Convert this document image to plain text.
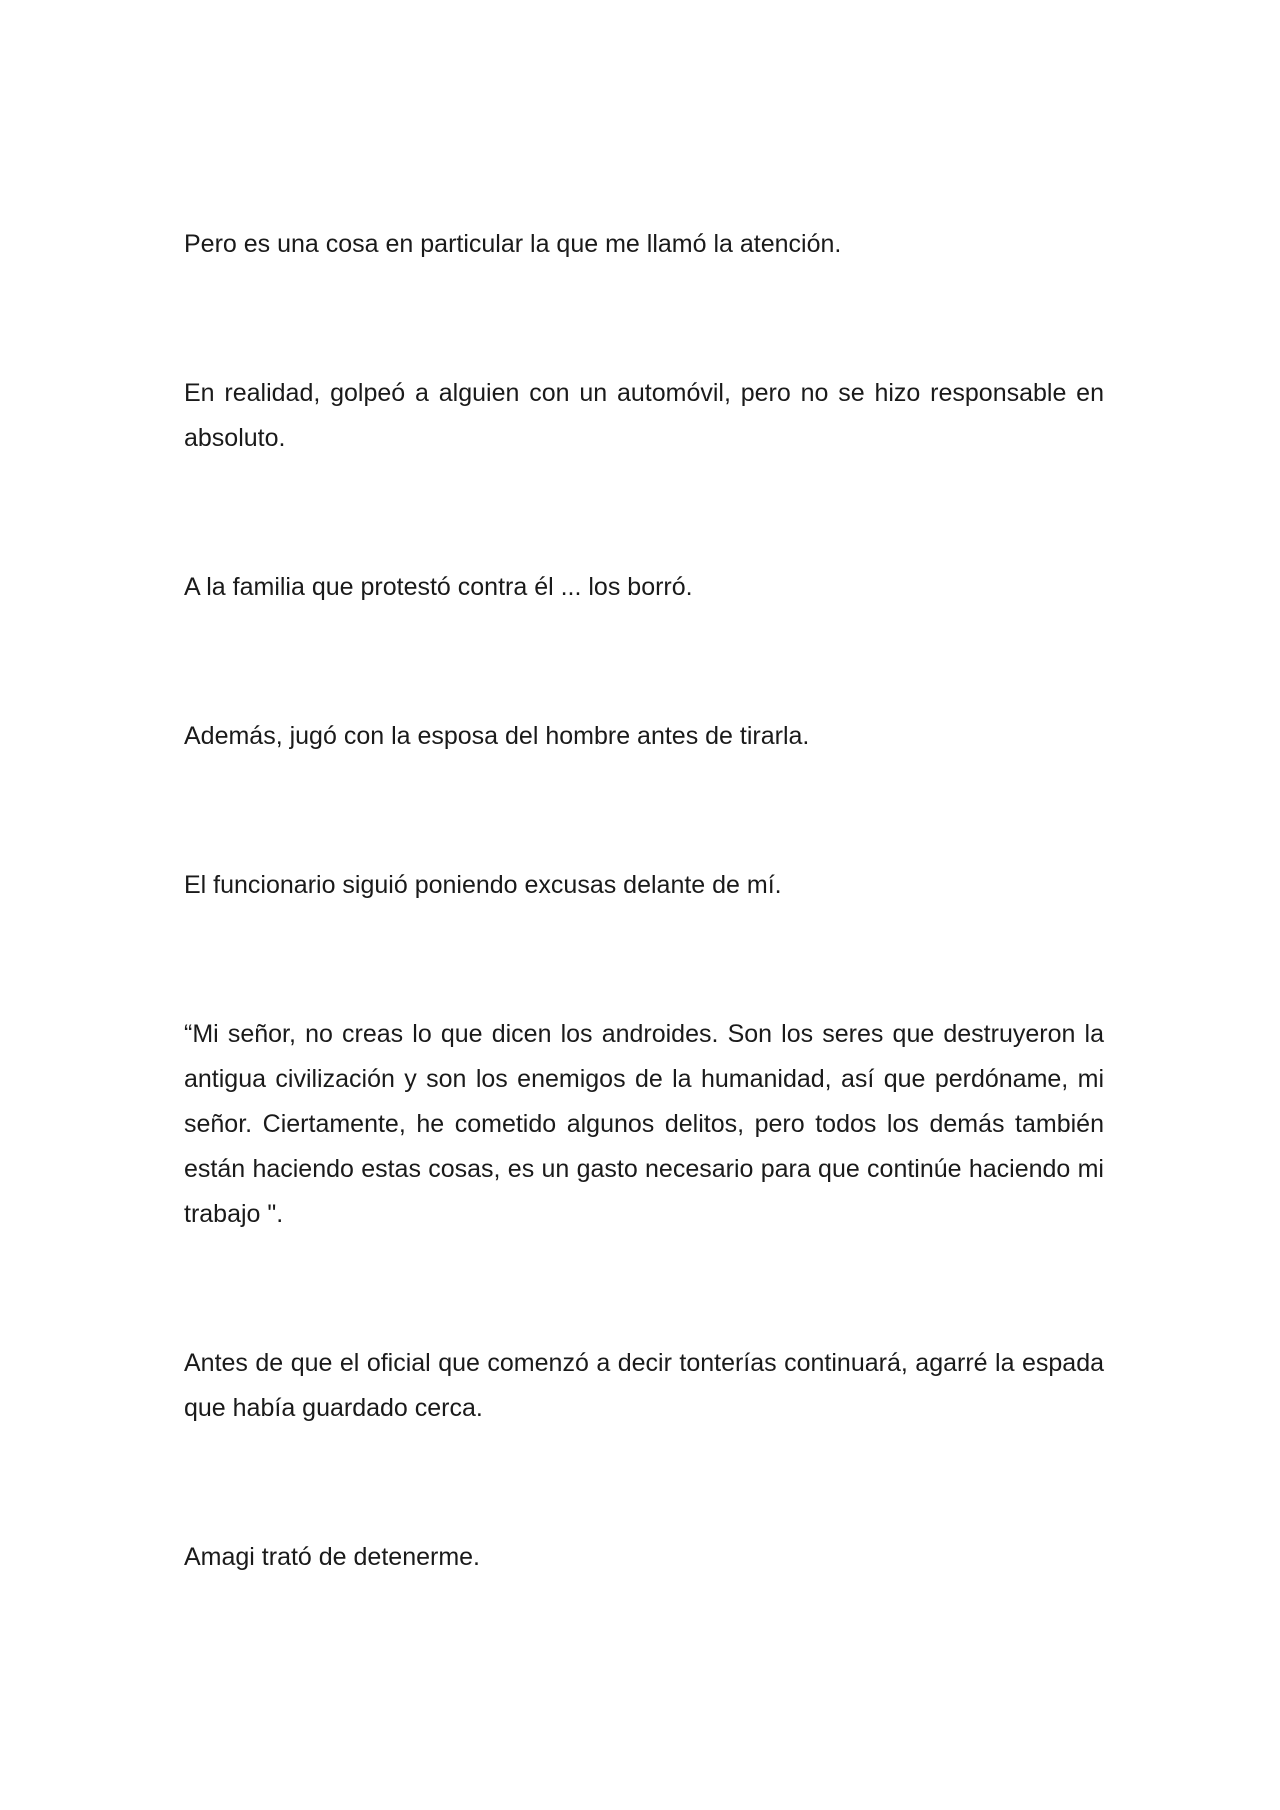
Pero es una cosa en particular la que me llamó la atención.

En realidad, golpeó a alguien con un automóvil, pero no se hizo responsable en absoluto.

A la familia que protestó contra él ... los borró.

Además, jugó con la esposa del hombre antes de tirarla.

El funcionario siguió poniendo excusas delante de mí.

“Mi señor, no creas lo que dicen los androides. Son los seres que destruyeron la antigua civilización y son los enemigos de la humanidad, así que perdóname, mi señor. Ciertamente, he cometido algunos delitos, pero todos los demás también están haciendo estas cosas, es un gasto necesario para que continúe haciendo mi trabajo ".

Antes de que el oficial que comenzó a decir tonterías continuará, agarré la espada que había guardado cerca.

Amagi trató de detenerme.
